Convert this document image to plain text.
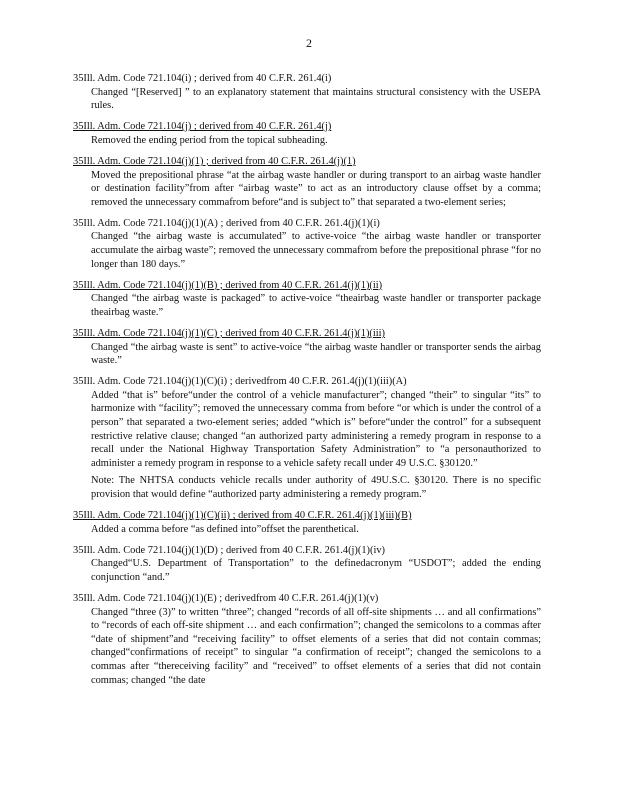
2
35Ill. Adm. Code 721.104(i) ; derived from 40 C.F.R. 261.4(i)
Changed “[Reserved] ” to an explanatory statement that maintains structural consistency with the USEPA rules.
35Ill. Adm. Code 721.104(j) ; derived from 40 C.F.R. 261.4(j)
Removed the ending period from the topical subheading.
35Ill. Adm. Code 721.104(j)(1) ; derived from 40 C.F.R. 261.4(j)(1)
Moved the prepositional phrase “at the airbag waste handler or during transport to an airbag waste handler or destination facility”from after “airbag waste” to act as an introductory clause offset by a comma; removed the unnecessary commafrom before“and is subject to” that separated a two-element series;
35Ill. Adm. Code 721.104(j)(1)(A) ; derived from 40 C.F.R. 261.4(j)(1)(i)
Changed “the airbag waste is accumulated” to active-voice “the airbag waste handler or transporter accumulate the airbag waste”; removed the unnecessary commafrom before the prepositional phrase “for no longer than 180 days.”
35Ill. Adm. Code 721.104(j)(1)(B) ; derived from 40 C.F.R. 261.4(j)(1)(ii)
Changed “the airbag waste is packaged” to active-voice “theairbag waste handler or transporter package theairbag waste.”
35Ill. Adm. Code 721.104(j)(1)(C) ; derived from 40 C.F.R. 261.4(j)(1)(iii)
Changed “the airbag waste is sent” to active-voice “the airbag waste handler or transporter sends the airbag waste.”
35Ill. Adm. Code 721.104(j)(1)(C)(i) ; derivedfrom 40 C.F.R. 261.4(j)(1)(iii)(A)
Added “that is” before“under the control of a vehicle manufacturer”; changed “their” to singular “its” to harmonize with “facility”; removed the unnecessary comma from before “or which is under the control of a person” that separated a two-element series; added “which is” before“under the control” for a subsequent restrictive relative clause; changed “an authorized party administering a remedy program in response to a recall under the National Highway Transportation Safety Administration” to “a personauthorized to administer a remedy program in response to a vehicle safety recall under 49 U.S.C. §30120.”
Note: The NHTSA conducts vehicle recalls under authority of 49U.S.C. §30120. There is no specific provision that would define “authorized party administering a remedy program.”
35Ill. Adm. Code 721.104(j)(1)(C)(ii) ; derived from 40 C.F.R. 261.4(j)(1)(iii)(B)
Added a comma before “as defined into”offset the parenthetical.
35Ill. Adm. Code 721.104(j)(1)(D) ; derived from 40 C.F.R. 261.4(j)(1)(iv)
Changed“U.S. Department of Transportation” to the definedacronym “USDOT”; added the ending conjunction “and.”
35Ill. Adm. Code 721.104(j)(1)(E) ; derivedfrom 40 C.F.R. 261.4(j)(1)(v)
Changed “three (3)” to written “three”; changed “records of all off-site shipments … and all confirmations” to “records of each off-site shipment … and each confirmation”; changed the semicolons to a commas after “date of shipment”and “receiving facility” to offset elements of a series that did not contain commas; changed“confirmations of receipt” to singular “a confirmation of receipt”; changed the semicolons to a commas after “thereceiving facility” and “received” to offset elements of a series that did not contain commas; changed “the date
